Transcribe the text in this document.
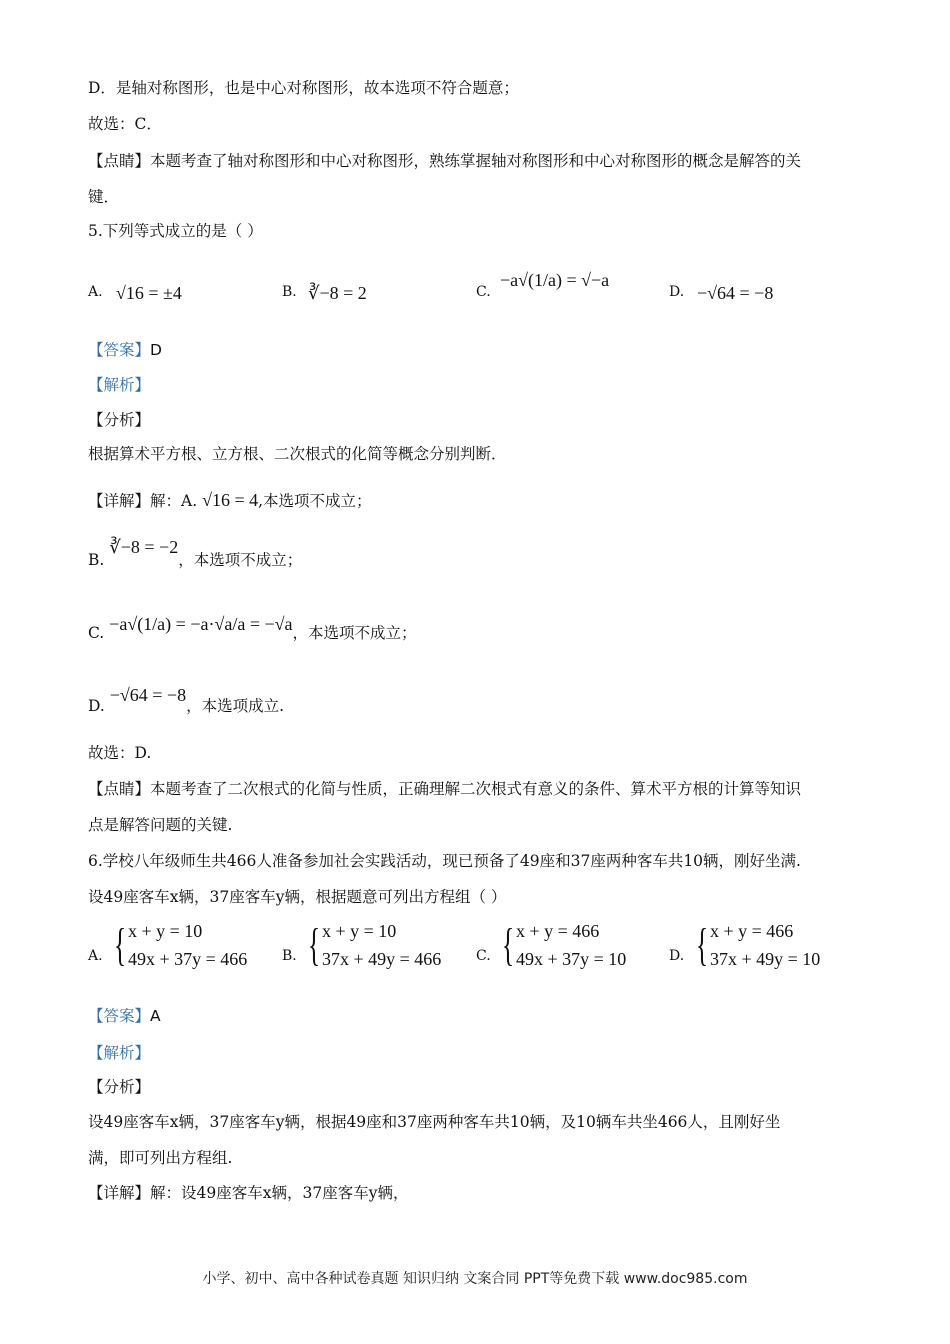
D．是轴对称图形，也是中心对称图形，故本选项不符合题意；
故选：C．
【点睛】本题考查了轴对称图形和中心对称图形，熟练掌握轴对称图形和中心对称图形的概念是解答的关
键．
5.下列等式成立的是（ ）
A. √16 = ±4	B. ∛−8 = 2	C.
−a√(1/a) = √−a
D. −√64 = −8
【答案】D
【解析】
【分析】
根据算术平方根、立方根、二次根式的化简等概念分别判断．
【详解】解：A. √16 = 4,本选项不成立；
B. ∛−8 = −2，本选项不成立；
C. −a√(1/a) = −a·√a/a = −√a，本选项不成立；
D. −√64 = −8，本选项成立.
故选：D.
【点睛】本题考查了二次根式的化简与性质，正确理解二次根式有意义的条件、算术平方根的计算等知识
点是解答问题的关键.
6.学校八年级师生共466人准备参加社会实践活动，现已预备了49座和37座两种客车共10辆，刚好坐满.
设49座客车x辆，37座客车y辆，根据题意可列出方程组（ ）
A. { x + y = 10
49x + 37y = 466 B. { x + y = 10
37x + 49y = 466 C. { x + y = 466
49x + 37y = 10	D. { x + y = 466
37x + 49y = 10
【答案】A
【解析】
【分析】
设49座客车x辆，37座客车y辆，根据49座和37座两种客车共10辆，及10辆车共坐466人，且刚好坐
满，即可列出方程组.
【详解】解：设49座客车x辆，37座客车y辆，
小学、初中、高中各种试卷真题 知识归纳 文案合同 PPT等免费下载 www.doc985.com
